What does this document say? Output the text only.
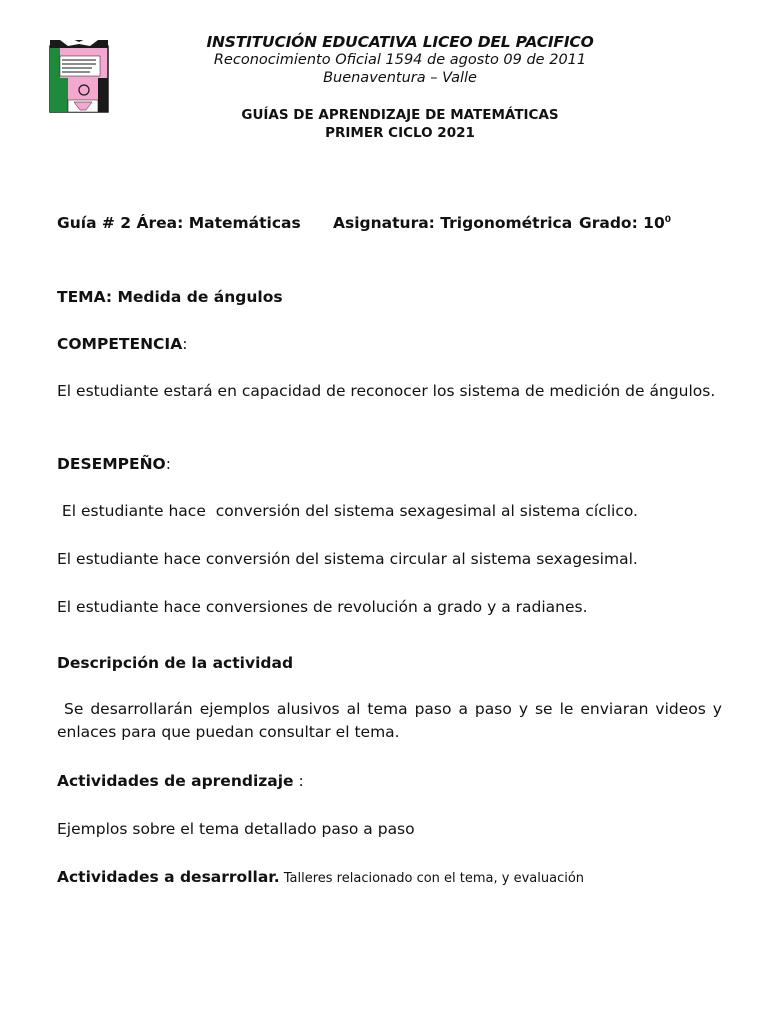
INSTITUCIÓN EDUCATIVA LICEO DEL PACIFICO
Reconocimiento Oficial 1594 de agosto 09 de 2011
Buenaventura – Valle
GUÍAS DE APRENDIZAJE DE MATEMÁTICAS
PRIMER CICLO 2021
Guía # 2 Área: Matemáticas Asignatura: Trigonométrica Grado: $10^0$
TEMA: Medida de ángulos
COMPETENCIA:
El estudiante estará en capacidad de reconocer los sistema de medición de ángulos.
DESEMPEÑO:
El estudiante hace  conversión del sistema sexagesimal al sistema cíclico.
El estudiante hace conversión del sistema circular al sistema sexagesimal.
El estudiante hace conversiones de revolución a grado y a radianes.
Descripción de la actividad
Se desarrollarán ejemplos alusivos al tema paso a paso y se le enviaran videos y enlaces para que puedan consultar el tema.
Actividades de aprendizaje :
Ejemplos sobre el tema detallado paso a paso
Actividades a desarrollar. Talleres relacionado con el tema, y evaluación
